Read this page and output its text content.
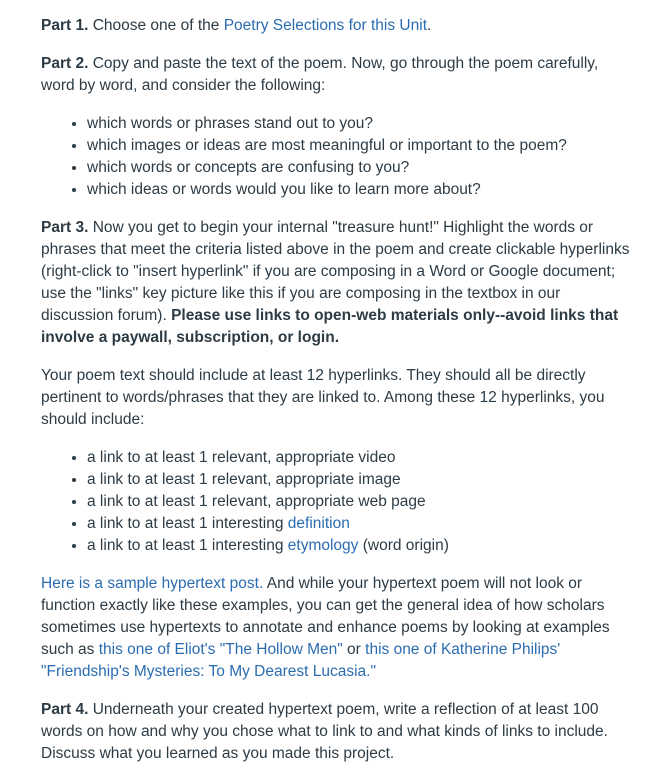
Part 1. Choose one of the Poetry Selections for this Unit.

Part 2. Copy and paste the text of the poem. Now, go through the poem carefully, word by word, and consider the following:

• which words or phrases stand out to you?
• which images or ideas are most meaningful or important to the poem?
• which words or concepts are confusing to you?
• which ideas or words would you like to learn more about?

Part 3. Now you get to begin your internal "treasure hunt!" Highlight the words or phrases that meet the criteria listed above in the poem and create clickable hyperlinks (right-click to "insert hyperlink" if you are composing in a Word or Google document; use the "links" key picture like this if you are composing in the textbox in our discussion forum). Please use links to open-web materials only--avoid links that involve a paywall, subscription, or login.

Your poem text should include at least 12 hyperlinks. They should all be directly pertinent to words/phrases that they are linked to. Among these 12 hyperlinks, you should include:

• a link to at least 1 relevant, appropriate video
• a link to at least 1 relevant, appropriate image
• a link to at least 1 relevant, appropriate web page
• a link to at least 1 interesting definition
• a link to at least 1 interesting etymology (word origin)

Here is a sample hypertext post. And while your hypertext poem will not look or function exactly like these examples, you can get the general idea of how scholars sometimes use hypertexts to annotate and enhance poems by looking at examples such as this one of Eliot's "The Hollow Men" or this one of Katherine Philips' "Friendship's Mysteries: To My Dearest Lucasia."

Part 4. Underneath your created hypertext poem, write a reflection of at least 100 words on how and why you chose what to link to and what kinds of links to include. Discuss what you learned as you made this project.
